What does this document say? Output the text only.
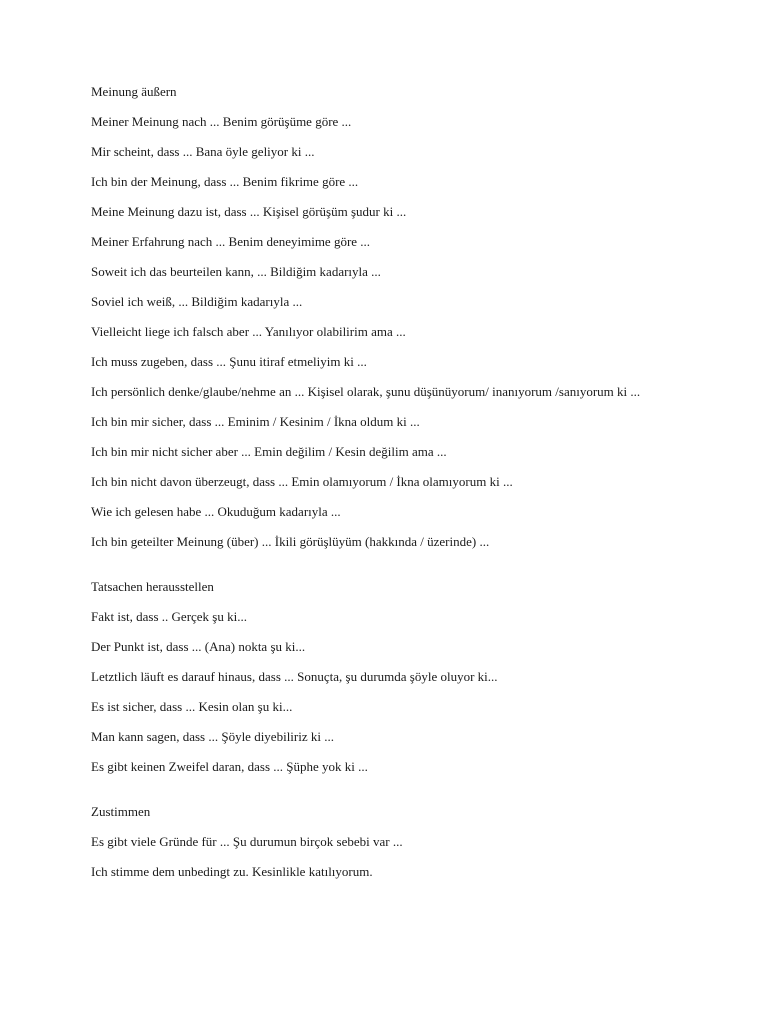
Meinung äußern

Meiner Meinung nach ... Benim görüşüme göre ...

Mir scheint, dass ... Bana öyle geliyor ki ...

Ich bin der Meinung, dass ... Benim fikrime göre ...

Meine Meinung dazu ist, dass ... Kişisel görüşüm şudur ki ...

Meiner Erfahrung nach ... Benim deneyimime göre ...

Soweit ich das beurteilen kann, ... Bildiğim kadarıyla ...

Soviel ich weiß, ... Bildiğim kadarıyla ...

Vielleicht liege ich falsch aber ... Yanılıyor olabilirim ama ...

Ich muss zugeben, dass ... Şunu itiraf etmeliyim ki ...

Ich persönlich denke/glaube/nehme an ... Kişisel olarak, şunu düşünüyorum/ inanıyorum /sanıyorum ki ...

Ich bin mir sicher, dass ... Eminim / Kesinim / İkna oldum ki ...

Ich bin mir nicht sicher aber ... Emin değilim / Kesin değilim ama ...

Ich bin nicht davon überzeugt, dass ... Emin olamıyorum / İkna olamıyorum ki ...

Wie ich gelesen habe ... Okuduğum kadarıyla ...

Ich bin geteilter Meinung (über) ... İkili görüşlüyüm (hakkında / üzerinde) ...

Tatsachen herausstellen

Fakt ist, dass .. Gerçek şu ki...

Der Punkt ist, dass ... (Ana) nokta şu ki...

Letztlich läuft es darauf hinaus, dass ... Sonuçta, şu durumda şöyle oluyor ki...

Es ist sicher, dass ... Kesin olan şu ki...

Man kann sagen, dass ... Şöyle diyebiliriz ki ...

Es gibt keinen Zweifel daran, dass ... Şüphe yok ki ...

Zustimmen

Es gibt viele Gründe für ... Şu durumun birçok sebebi var ...

Ich stimme dem unbedingt zu. Kesinlikle katılıyorum.
